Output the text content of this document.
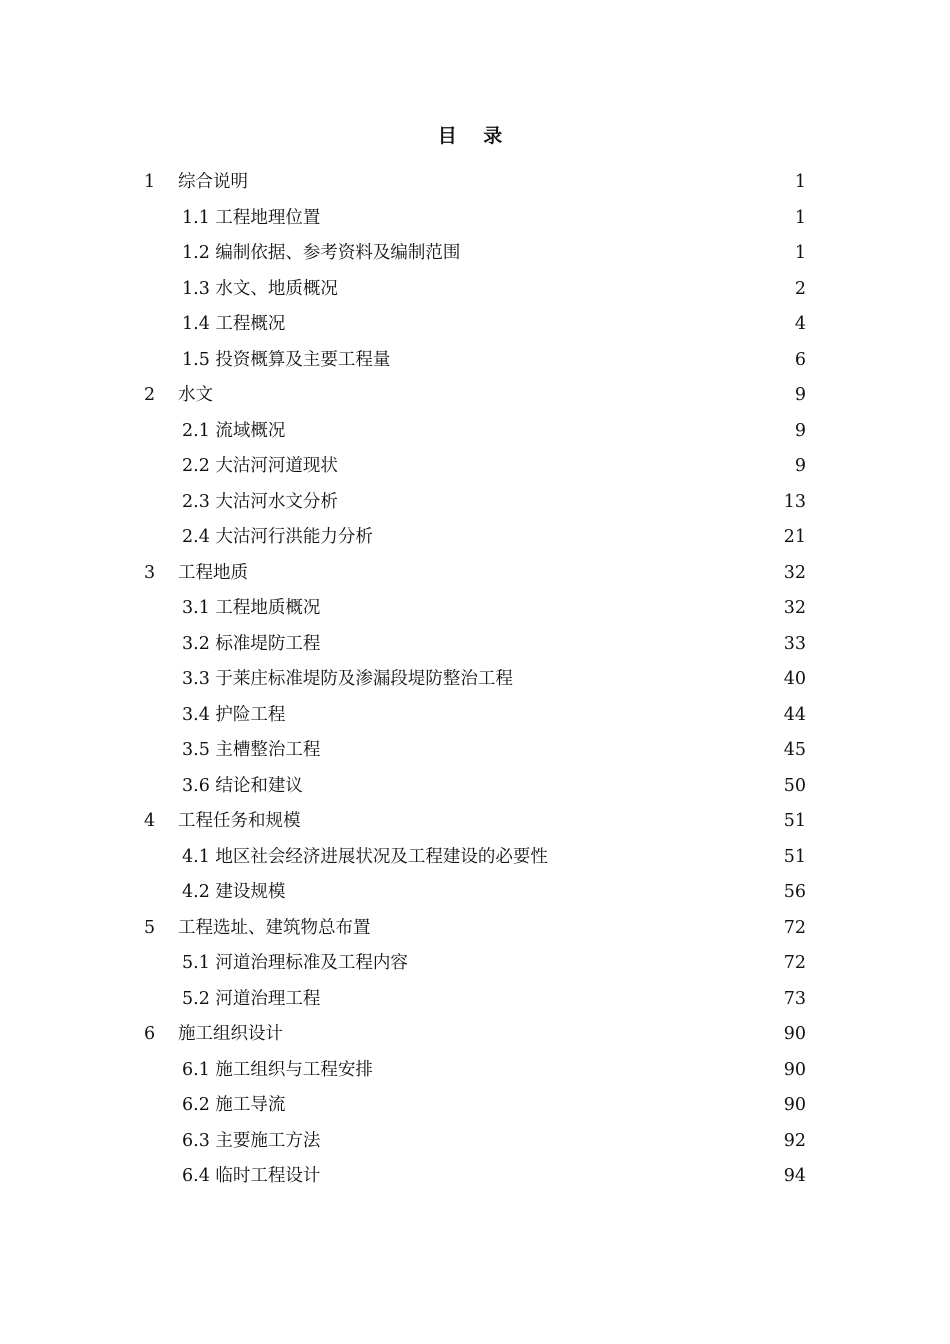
目 录
1 综合说明	1
1.1 工程地理位置	1
1.2 编制依据、参考资料及编制范围	1
1.3 水文、地质概况	2
1.4 工程概况	4
1.5 投资概算及主要工程量	6
2 水文	9
2.1 流域概况	9
2.2 大沽河河道现状	9
2.3 大沽河水文分析	13
2.4 大沽河行洪能力分析	21
3 工程地质	32
3.1 工程地质概况	32
3.2 标准堤防工程	33
3.3 于莱庄标准堤防及渗漏段堤防整治工程	40
3.4 护险工程	44
3.5 主槽整治工程	45
3.6 结论和建议	50
4 工程任务和规模	51
4.1 地区社会经济进展状况及工程建设的必要性	51
4.2 建设规模	56
5 工程选址、建筑物总布置	72
5.1 河道治理标准及工程内容	72
5.2 河道治理工程	73
6 施工组织设计	90
6.1 施工组织与工程安排	90
6.2 施工导流	90
6.3 主要施工方法	92
6.4 临时工程设计	94
